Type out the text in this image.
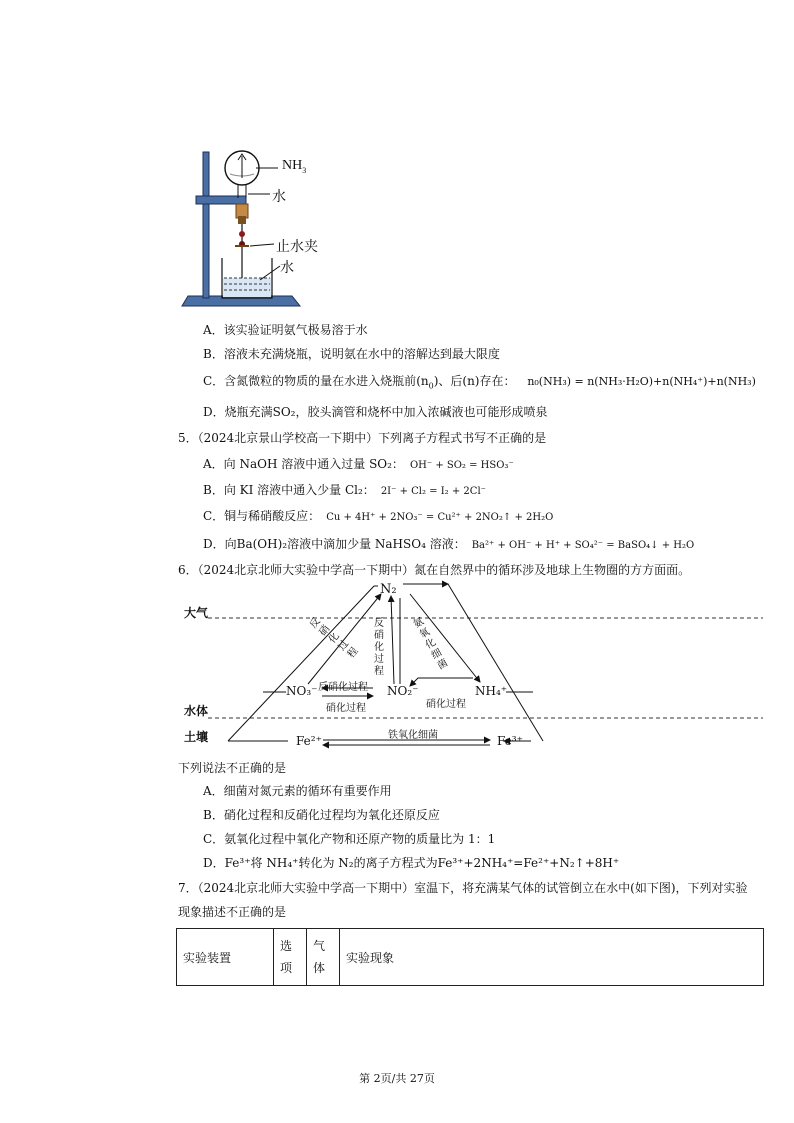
$NH_3$
水
止水夹
水
A．该实验证明氨气极易溶于水
B．溶液未充满烧瓶，说明氨在水中的溶解达到最大限度
C．含氮微粒的物质的量在水进入烧瓶前$(n_0)$、后(n)存在： n₀(NH₃) = n(NH₃·H₂O)+n(NH₄⁺)+n(NH₃)
D．烧瓶充满SO₂，胶头滴管和烧杯中加入浓碱液也可能形成喷泉
5．（2024北京景山学校高一下期中）下列离子方程式书写不正确的是
A．向 NaOH 溶液中通入过量 SO₂： OH⁻ + SO₂ = HSO₃⁻
B．向 KI 溶液中通入少量 Cl₂： 2I⁻ + Cl₂ = I₂ + 2Cl⁻
C．铜与稀硝酸反应： Cu + 4H⁺ + 2NO₃⁻ = Cu²⁺ + 2NO₂↑ + 2H₂O
D．向Ba(OH)₂溶液中滴加少量 NaHSO₄ 溶液： Ba²⁺ + OH⁻ + H⁺ + SO₄²⁻ = BaSO₄↓ + H₂O
6．（2024北京北师大实验中学高一下期中）氮在自然界中的循环涉及地球上生物圈的方方面面。
N₂
大气
水体
土壤
NO₃⁻	NO₂⁻	NH₄⁺
Fe²⁺	Fe³⁺
反硝化过程
反硝化过程
氨氧化细菌
反硝化过程
硝化过程	硝化过程
铁氧化细菌
下列说法不正确的是
A．细菌对氮元素的循环有重要作用
B．硝化过程和反硝化过程均为氧化还原反应
C．氨氧化过程中氧化产物和还原产物的质量比为 1：1
D．Fe³⁺将 NH₄⁺转化为 N₂的离子方程式为Fe³⁺+2NH₄⁺=Fe²⁺+N₂↑+8H⁺
7．（2024北京北师大实验中学高一下期中）室温下，将充满某气体的试管倒立在水中(如下图)，下列对实验
现象描述不正确的是
实验装置	选项	气体	实验现象
第 2页/共 27页
